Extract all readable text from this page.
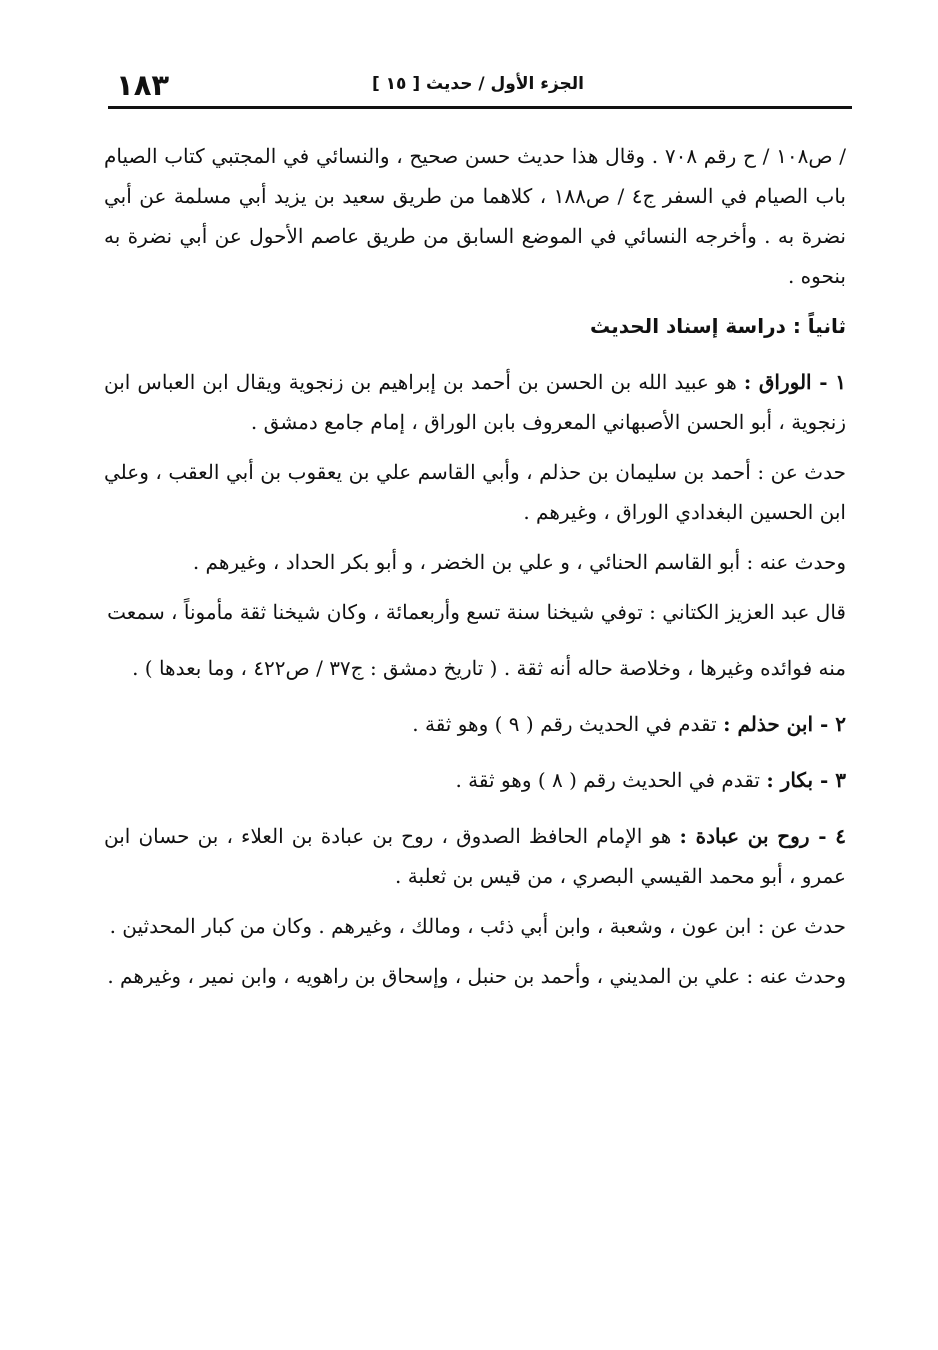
١٨٣	الجزء الأول / حديث [ ١٥ ]

/ ص١٠٨ / ح رقم ٧٠٨ . وقال هذا حديث حسن صحيح ، والنسائي في المجتبي كتاب الصيام باب الصيام في السفر ج٤ / ص١٨٨ ، كلاهما من طريق سعيد بن يزيد أبي مسلمة عن أبي نضرة به . وأخرجه النسائي في الموضع السابق من طريق عاصم الأحول عن أبي نضرة به بنحوه .

ثانياً : دراسة إسناد الحديث

١ - الوراق : هو عبيد الله بن الحسن بن أحمد بن إبراهيم بن زنجوية ويقال ابن العباس ابن زنجوية ، أبو الحسن الأصبهاني المعروف بابن الوراق ، إمام جامع دمشق .

حدث عن : أحمد بن سليمان بن حذلم ، وأبي القاسم علي بن يعقوب بن أبي العقب ، وعلي ابن الحسين البغدادي الوراق ، وغيرهم .

وحدث عنه : أبو القاسم الحنائي ، و علي بن الخضر ، و أبو بكر الحداد ، وغيرهم .

قال عبد العزيز الكتاني : توفي شيخنا سنة تسع وأربعمائة ، وكان شيخنا ثقة مأموناً ، سمعت

منه فوائده وغيرها ، وخلاصة حاله أنه ثقة . ( تاريخ دمشق : ج٣٧ / ص٤٢٢ ، وما بعدها ) .

٢ - ابن حذلم : تقدم في الحديث رقم ( ٩ ) وهو ثقة .

٣ - بكار : تقدم في الحديث رقم ( ٨ ) وهو ثقة .

٤ - روح بن عبادة : هو الإمام الحافظ الصدوق ، روح بن عبادة بن العلاء ، بن حسان ابن عمرو ، أبو محمد القيسي البصري ، من قيس بن ثعلبة .

حدث عن : ابن عون ، وشعبة ، وابن أبي ذئب ، ومالك ، وغيرهم . وكان من كبار المحدثين .

وحدث عنه : علي بن المديني ، وأحمد بن حنبل ، وإسحاق بن راهويه ، وابن نمير ، وغيرهم .
